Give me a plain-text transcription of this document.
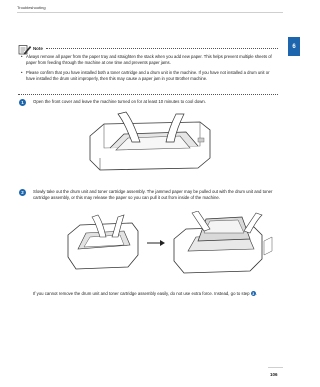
Troubleshooting
6
Note
• Always remove all paper from the paper tray and straighten the stack when you add new paper. This helps prevent multiple sheets of paper from feeding through the machine at one time and prevents paper jams.
• Please confirm that you have installed both a toner cartridge and a drum unit in the machine. If you have not installed a drum unit or have installed the drum unit improperly, then this may cause a paper jam in your Brother machine.
1	Open the front cover and leave the machine turned on for at least 10 minutes to cool down.
2	Slowly take out the drum unit and toner cartridge assembly. The jammed paper may be pulled out with the drum unit and toner cartridge assembly, or this may release the paper so you can pull it out from inside of the machine.
If you cannot remove the drum unit and toner cartridge assembly easily, do not use extra force. Instead, go to step 3 .
106
